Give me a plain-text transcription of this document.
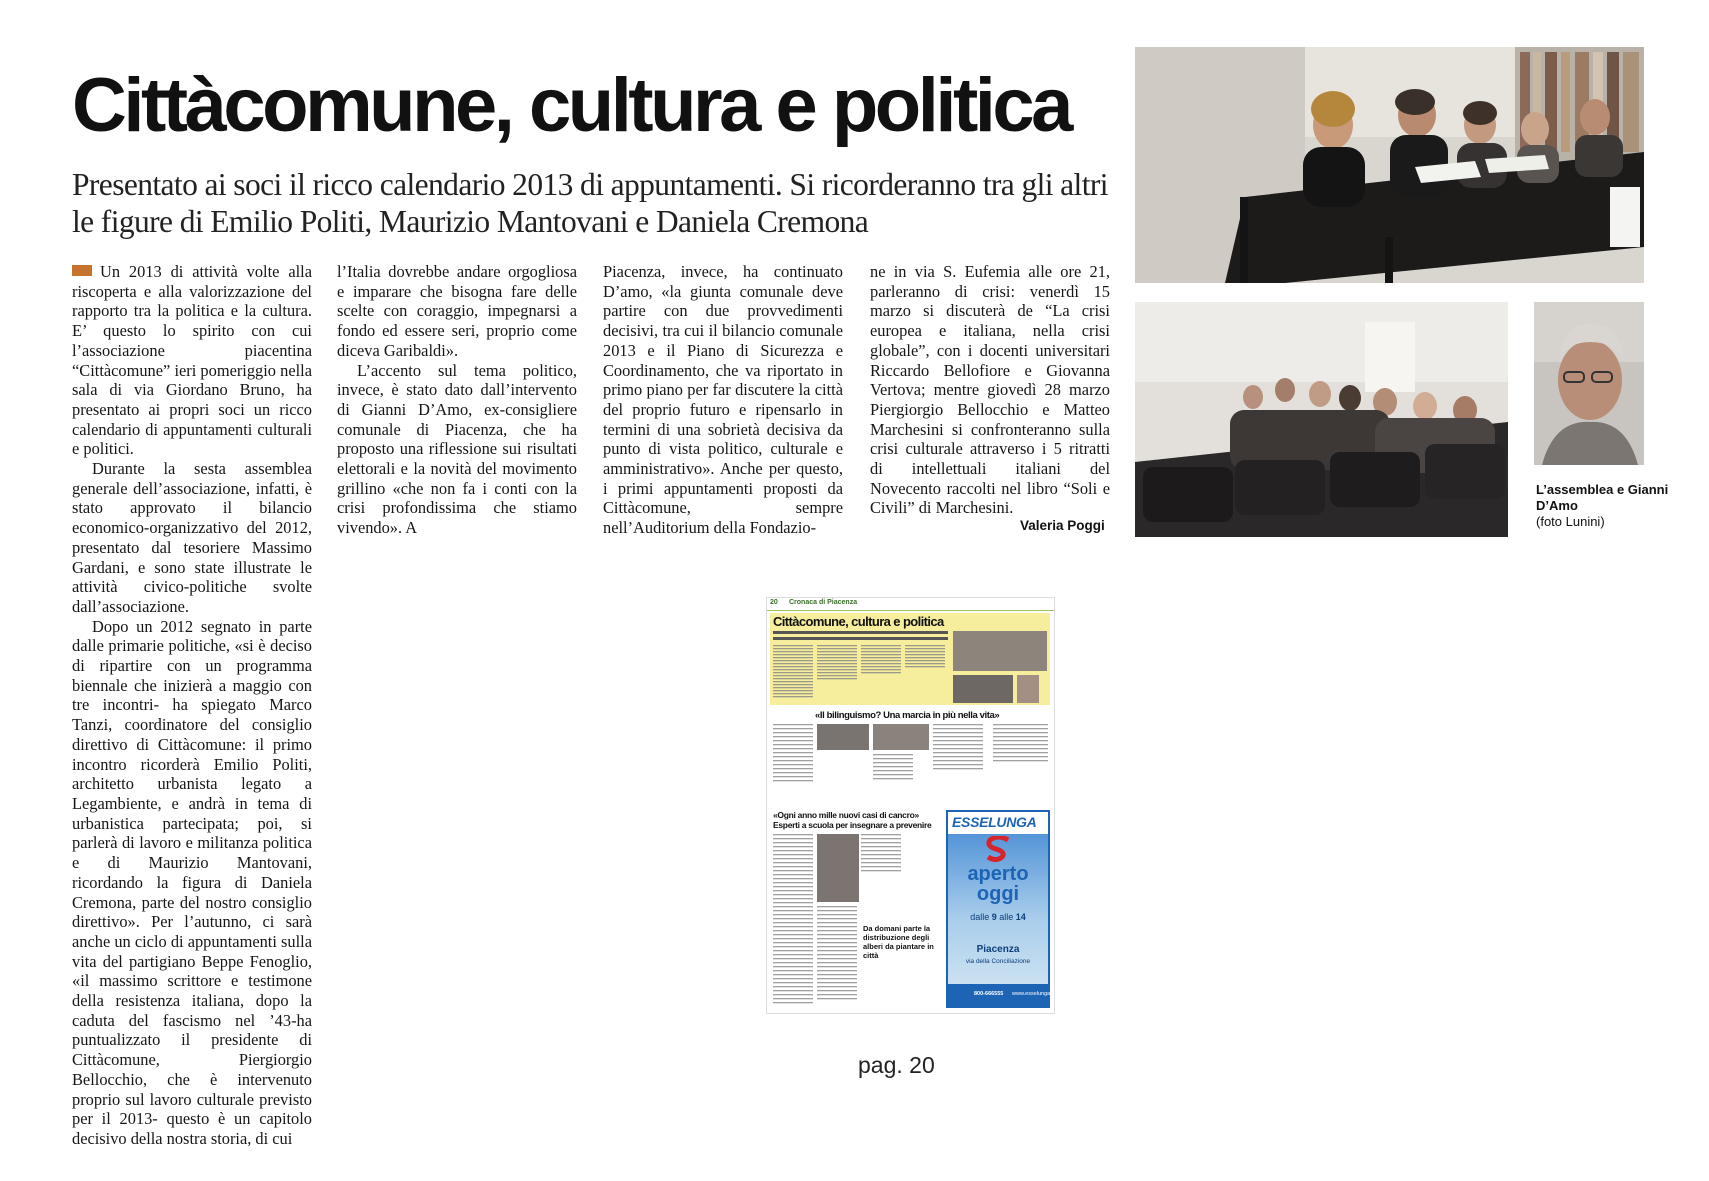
Cittàcomune, cultura e politica
Presentato ai soci il ricco calendario 2013 di appuntamenti. Si ricorderanno tra gli altri le figure di Emilio Politi, Maurizio Mantovani e Daniela Cremona

Un 2013 di attività volte alla riscoperta e alla valorizzazione del rapporto tra la politica e la cultura. E’ questo lo spirito con cui l’associazione piacentina “Cittàcomune” ieri pomeriggio nella sala di via Giordano Bruno, ha presentato ai propri soci un ricco calendario di appuntamenti culturali e politici.

Durante la sesta assemblea generale dell’associazione, infatti, è stato approvato il bilancio economico-organizzativo del 2012, presentato dal tesoriere Massimo Gardani, e sono state illustrate le attività civico-politiche svolte dall’associazione.

Dopo un 2012 segnato in parte dalle primarie politiche, «si è deciso di ripartire con un programma biennale che inizierà a maggio con tre incontri- ha spiegato Marco Tanzi, coordinatore del consiglio direttivo di Cittàcomune: il primo incontro ricorderà Emilio Politi, architetto urbanista legato a Legambiente, e andrà in tema di urbanistica partecipata; poi, si parlerà di lavoro e militanza politica e di Maurizio Mantovani, ricordando la figura di Daniela Cremona, parte del nostro consiglio direttivo». Per l’autunno, ci sarà anche un ciclo di appuntamenti sulla vita del partigiano Beppe Fenoglio, «il massimo scrittore e testimone della resistenza italiana, dopo la caduta del fascismo nel ’43-ha puntualizzato il presidente di Cittàcomune, Piergiorgio Bellocchio, che è intervenuto proprio sul lavoro culturale previsto per il 2013- questo è un capitolo decisivo della nostra storia, di cui

l’Italia dovrebbe andare orgogliosa e imparare che bisogna fare delle scelte con coraggio, impegnarsi a fondo ed essere seri, proprio come diceva Garibaldi».

L’accento sul tema politico, invece, è stato dato dall’intervento di Gianni D’Amo, ex-consigliere comunale di Piacenza, che ha proposto una riflessione sui risultati elettorali e la novità del movimento grillino «che non fa i conti con la crisi profondissima che stiamo vivendo». A

Piacenza, invece, ha continuato D’amo, «la giunta comunale deve partire con due provvedimenti decisivi, tra cui il bilancio comunale 2013 e il Piano di Sicurezza e Coordinamento, che va riportato in primo piano per far discutere la città del proprio futuro e ripensarlo in termini di una sobrietà decisiva da punto di vista politico, culturale e amministrativo». Anche per questo, i primi appuntamenti proposti da Cittàcomune, sempre nell’Auditorium della Fondazio-

ne in via S. Eufemia alle ore 21, parleranno di crisi: venerdì 15 marzo si discuterà de “La crisi europea e italiana, nella crisi globale”, con i docenti universitari Riccardo Bellofiore e Giovanna Vertova; mentre giovedì 28 marzo Piergiorgio Bellocchio e Matteo Marchesini si confronteranno sulla crisi culturale attraverso i 5 ritratti di intellettuali italiani del Novecento raccolti nel libro “Soli e Civili” di Marchesini.

Valeria Poggi
L’assemblea e Gianni D’Amo
(foto Lunini)
20 Cronaca di Piacenza
Cittàcomune, cultura e politica
«Il bilinguismo? Una marcia in più nella vita»
«Ogni anno mille nuovi casi di cancro» Esperti a scuola per insegnare a prevenire
Da domani parte la distribuzione degli alberi da piantare in città
ESSELUNGA
aperto
oggi
dalle 9 alle 14
Piacenza
via della Conciliazione
800-666555 www.esselunga.it
pag. 20
